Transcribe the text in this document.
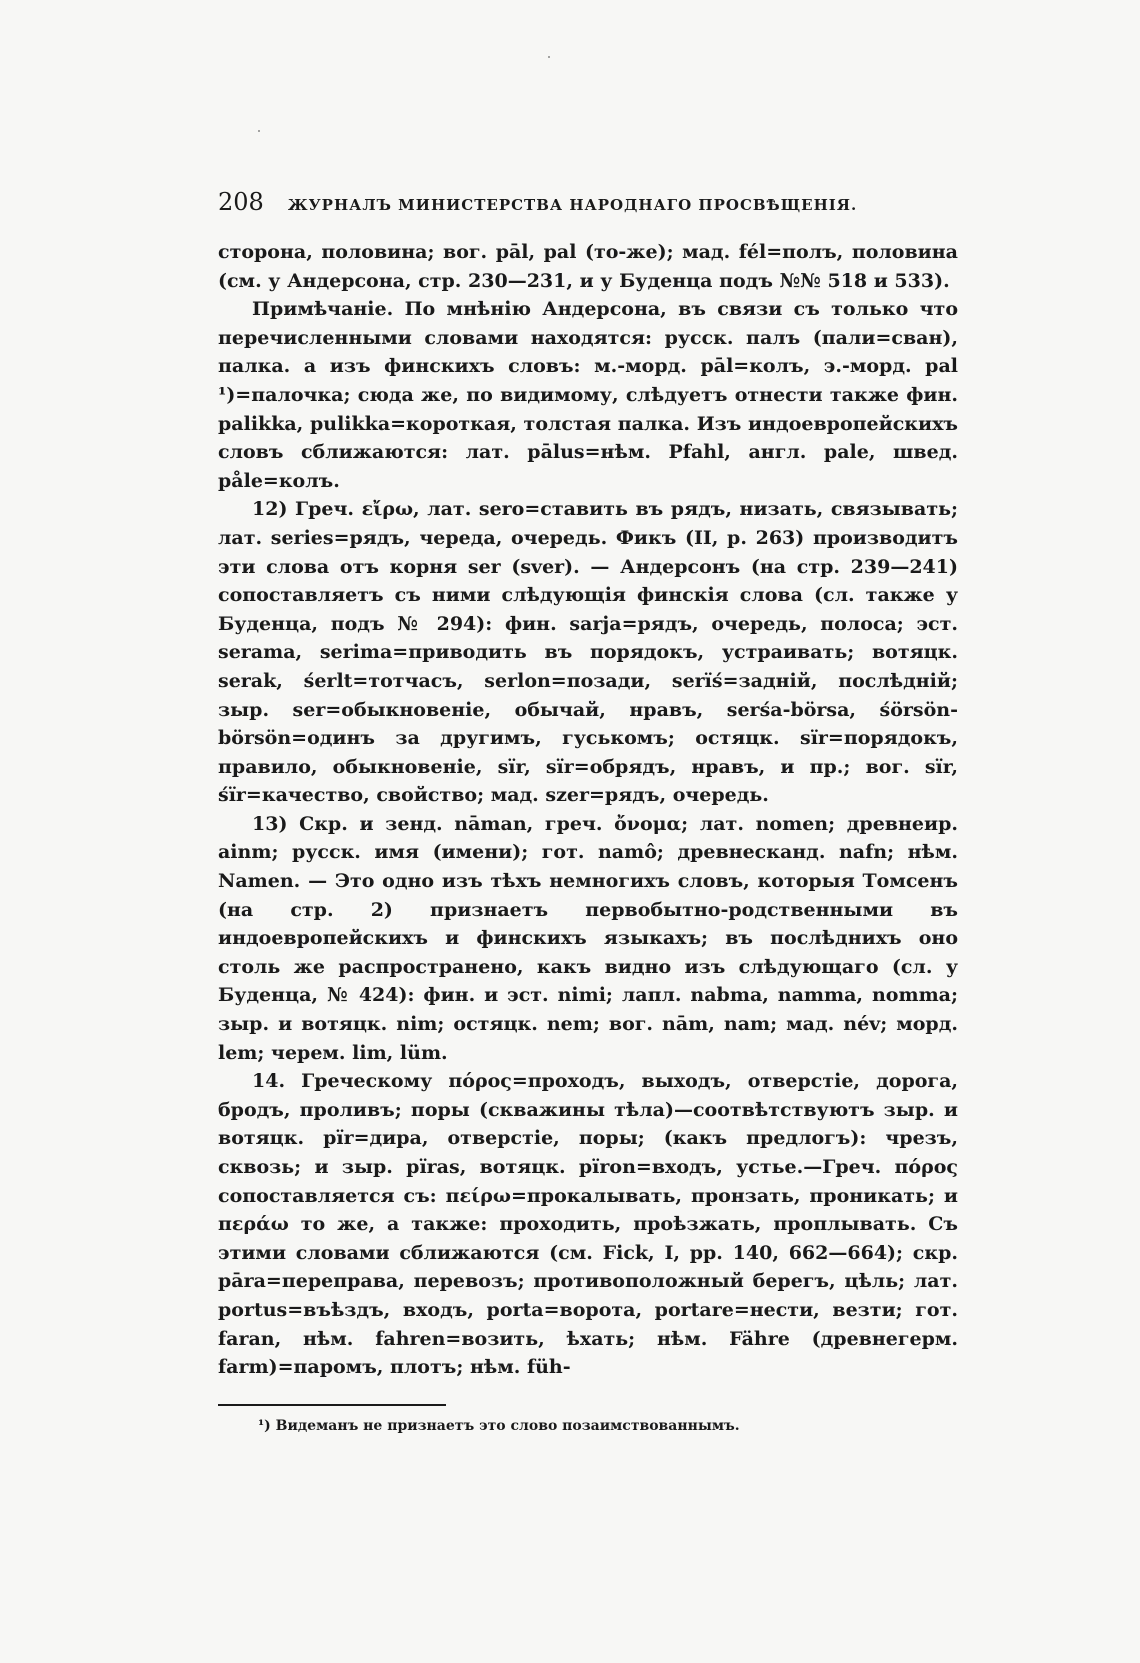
208 ЖУРНАЛЪ МИНИСТЕРСТВА НАРОДНАГО ПРОСВѢЩЕНІЯ.

сторона, половина; вог. pāl, pal (то-же); мад. fél=полъ, половина (см. у Андерсона, стр. 230—231, и у Буденца подъ №№ 518 и 533).

Примѣчаніе. По мнѣнію Андерсона, въ связи съ только что перечисленными словами находятся: русск. палъ (пали=сван), палка. а изъ финскихъ словъ: м.-морд. pāl=колъ, э.-морд. pal ¹)=палочка; сюда же, по видимому, слѣдуетъ отнести также фин. palikka, pulikka=короткая, толстая палка. Изъ индоевропейскихъ словъ сближаются: лат. pālus=нѣм. Pfahl, англ. pale, швед. påle=колъ.

12) Греч. εἴρω, лат. sero=ставить въ рядъ, низать, связывать; лат. series=рядъ, череда, очередь. Фикъ (II, p. 263) производитъ эти слова отъ корня ser (sver). — Андерсонъ (на стр. 239—241) сопоставляетъ съ ними слѣдующія финскія слова (сл. также у Буденца, подъ № 294): фин. sarja=рядъ, очередь, полоса; эст. serama, serima=приводить въ порядокъ, устраивать; вотяцк. serak, śerlt=тотчасъ, serlon=позади, serïś=задній, послѣдній; зыр. ser=обыкновеніе, обычай, нравъ, serśa-börsa, śörsön-börsön=одинъ за другимъ, гуськомъ; остяцк. sïr=порядокъ, правило, обыкновеніе, sïr, sïr=обрядъ, нравъ, и пр.; вог. sïr, śïr=качество, свойство; мад. szer=рядъ, очередь.

13) Скр. и зенд. nāman, греч. ὄνομα; лат. nomen; древнеир. ainm; русск. имя (имени); гот. namô; древнесканд. nafn; нѣм. Namen. — Это одно изъ тѣхъ немногихъ словъ, которыя Томсенъ (на стр. 2) признаетъ первобытно-родственными въ индоевропейскихъ и финскихъ языкахъ; въ послѣднихъ оно столь же распространено, какъ видно изъ слѣдующаго (сл. у Буденца, № 424): фин. и эст. nimi; лапл. nabma, namma, nomma; зыр. и вотяцк. nim; остяцк. nem; вог. nām, nam; мад. név; морд. lem; черем. lim, lüm.

14. Греческому πόρος=проходъ, выходъ, отверстіе, дорога, бродъ, проливъ; поры (скважины тѣла)—соотвѣтствуютъ зыр. и вотяцк. pïr=дира, отверстіе, поры; (какъ предлогъ): чрезъ, сквозь; и зыр. pïras, вотяцк. pïron=входъ, устье.—Греч. πόρος сопоставляется съ: πείρω=прокалывать, пронзать, проникать; и περάω то же, а также: проходить, проѣзжать, проплывать. Съ этими словами сближаются (см. Fick, I, pp. 140, 662—664); скр. pāra=переправа, перевозъ; противоположный берегъ, цѣль; лат. portus=въѣздъ, входъ, porta=ворота, portare=нести, везти; гот. faran, нѣм. fahren=возить, ѣхать; нѣм. Fähre (древнегерм. farm)=паромъ, плотъ; нѣм. füh-

¹) Видеманъ не признаетъ это слово позаимствованнымъ.
